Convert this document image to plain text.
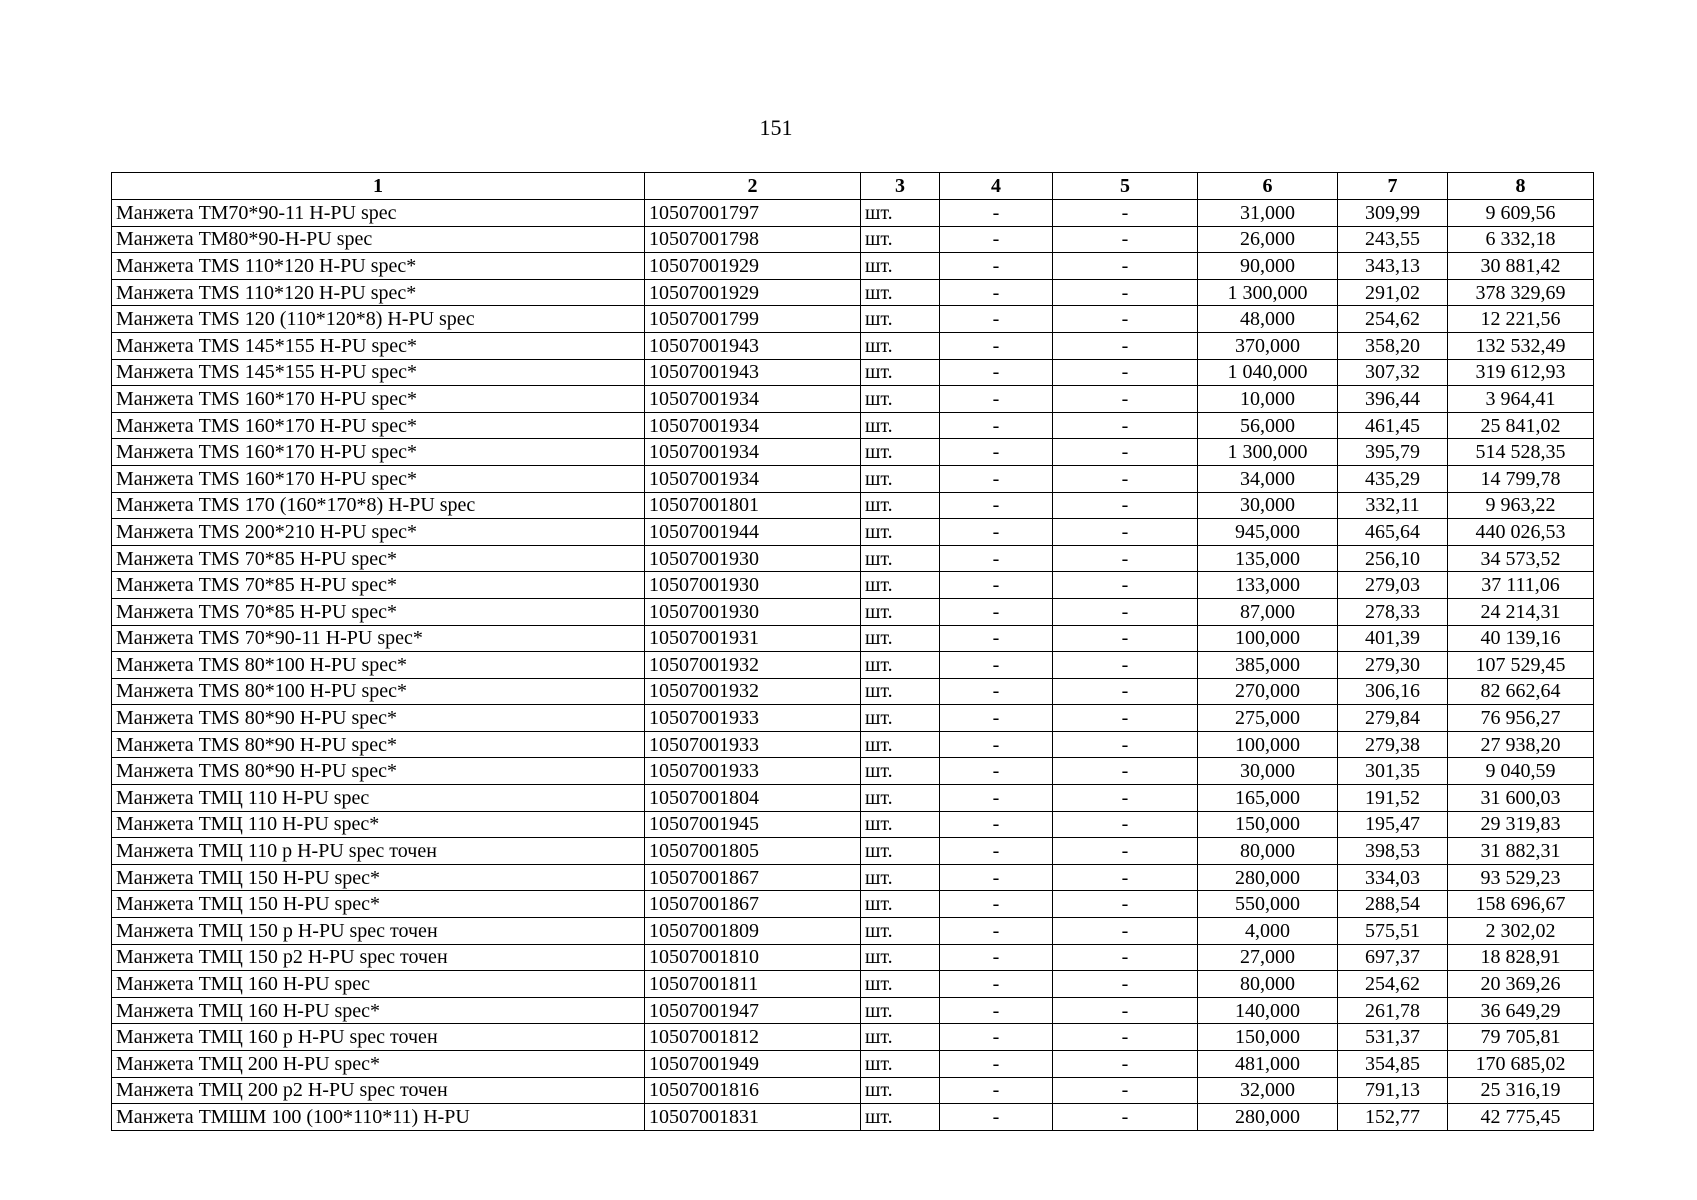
151
1	2	3	4	5	6	7	8
Манжета ТМ70*90-11 H-PU spec	10507001797	шт.	-	-	31,000	309,99	9 609,56
Манжета ТМ80*90-H-PU spec	10507001798	шт.	-	-	26,000	243,55	6 332,18
Манжета TMS 110*120 H-PU spec*	10507001929	шт.	-	-	90,000	343,13	30 881,42
Манжета TMS 110*120 H-PU spec*	10507001929	шт.	-	-	1 300,000	291,02	378 329,69
Манжета TMS 120 (110*120*8) H-PU spec	10507001799	шт.	-	-	48,000	254,62	12 221,56
Манжета TMS 145*155 H-PU spec*	10507001943	шт.	-	-	370,000	358,20	132 532,49
Манжета TMS 145*155 H-PU spec*	10507001943	шт.	-	-	1 040,000	307,32	319 612,93
Манжета TMS 160*170 H-PU spec*	10507001934	шт.	-	-	10,000	396,44	3 964,41
Манжета TMS 160*170 H-PU spec*	10507001934	шт.	-	-	56,000	461,45	25 841,02
Манжета TMS 160*170 H-PU spec*	10507001934	шт.	-	-	1 300,000	395,79	514 528,35
Манжета TMS 160*170 H-PU spec*	10507001934	шт.	-	-	34,000	435,29	14 799,78
Манжета TMS 170 (160*170*8) H-PU spec	10507001801	шт.	-	-	30,000	332,11	9 963,22
Манжета TMS 200*210 H-PU spec*	10507001944	шт.	-	-	945,000	465,64	440 026,53
Манжета TMS 70*85 H-PU spec*	10507001930	шт.	-	-	135,000	256,10	34 573,52
Манжета TMS 70*85 H-PU spec*	10507001930	шт.	-	-	133,000	279,03	37 111,06
Манжета TMS 70*85 H-PU spec*	10507001930	шт.	-	-	87,000	278,33	24 214,31
Манжета TMS 70*90-11 H-PU spec*	10507001931	шт.	-	-	100,000	401,39	40 139,16
Манжета TMS 80*100 H-PU spec*	10507001932	шт.	-	-	385,000	279,30	107 529,45
Манжета TMS 80*100 H-PU spec*	10507001932	шт.	-	-	270,000	306,16	82 662,64
Манжета TMS 80*90 H-PU spec*	10507001933	шт.	-	-	275,000	279,84	76 956,27
Манжета TMS 80*90 H-PU spec*	10507001933	шт.	-	-	100,000	279,38	27 938,20
Манжета TMS 80*90 H-PU spec*	10507001933	шт.	-	-	30,000	301,35	9 040,59
Манжета ТМЦ 110 H-PU spec	10507001804	шт.	-	-	165,000	191,52	31 600,03
Манжета ТМЦ 110 H-PU spec*	10507001945	шт.	-	-	150,000	195,47	29 319,83
Манжета ТМЦ 110 р H-PU spec точен	10507001805	шт.	-	-	80,000	398,53	31 882,31
Манжета ТМЦ 150 H-PU spec*	10507001867	шт.	-	-	280,000	334,03	93 529,23
Манжета ТМЦ 150 H-PU spec*	10507001867	шт.	-	-	550,000	288,54	158 696,67
Манжета ТМЦ 150 р H-PU spec точен	10507001809	шт.	-	-	4,000	575,51	2 302,02
Манжета ТМЦ 150 р2 H-PU spec точен	10507001810	шт.	-	-	27,000	697,37	18 828,91
Манжета ТМЦ 160 H-PU spec	10507001811	шт.	-	-	80,000	254,62	20 369,26
Манжета ТМЦ 160 H-PU spec*	10507001947	шт.	-	-	140,000	261,78	36 649,29
Манжета ТМЦ 160 р H-PU spec точен	10507001812	шт.	-	-	150,000	531,37	79 705,81
Манжета ТМЦ 200 H-PU spec*	10507001949	шт.	-	-	481,000	354,85	170 685,02
Манжета ТМЦ 200 р2 H-PU spec точен	10507001816	шт.	-	-	32,000	791,13	25 316,19
Манжета ТМШМ 100 (100*110*11) H-PU	10507001831	шт.	-	-	280,000	152,77	42 775,45
